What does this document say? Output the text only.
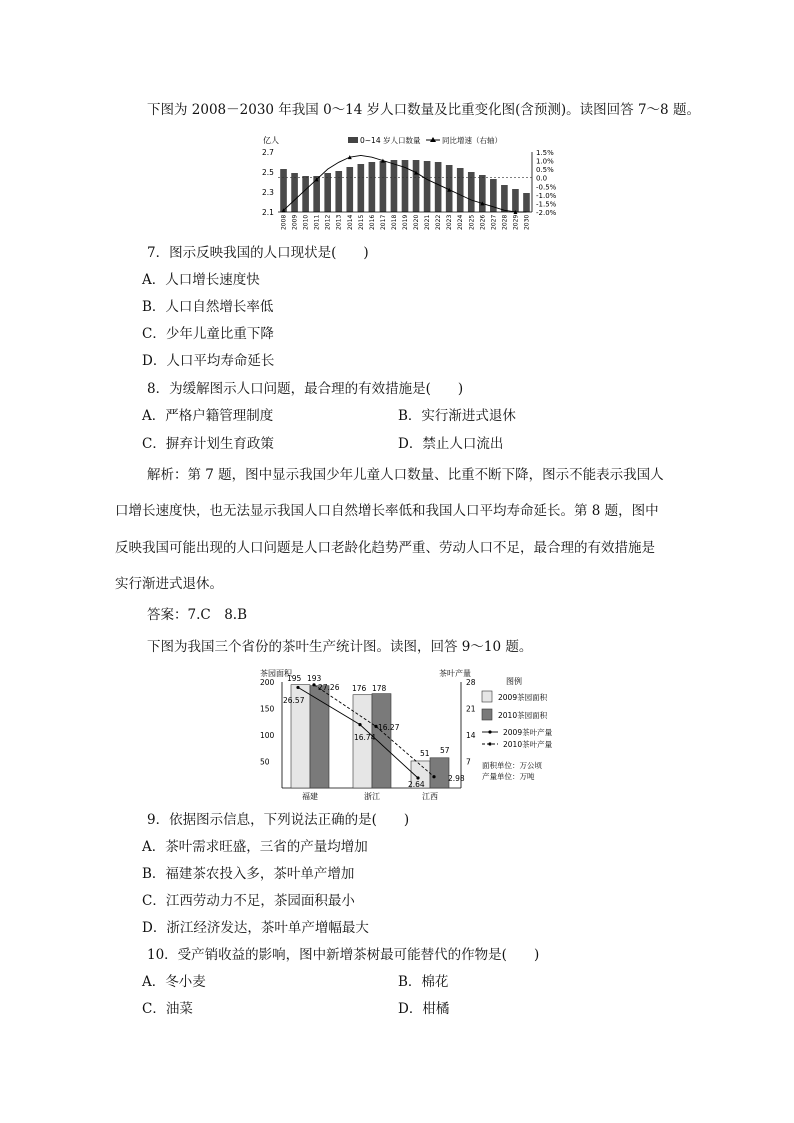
下图为 2008－2030 年我国 0～14 岁人口数量及比重变化图(含预测)。读图回答 7～8 题。
亿人	0~14 岁人口数量	同比增速（右轴）
2.7
2.5
2.3
2.1
1.5%
1.0%
0.5%
0.0
-0.5%
-1.0%
-1.5%
-2.0%
2008 2009 2010 2011 2012 2013 2014 2015 2016 2017 2018 2019 2020 2021 2022 2023 2024 2025 2026 2027 2028 2029 2030
7．图示反映我国的人口现状是(　　)
A．人口增长速度快
B．人口自然增长率低
C．少年儿童比重下降
D．人口平均寿命延长
8．为缓解图示人口问题，最合理的有效措施是(　　)
A．严格户籍管理制度	B．实行渐进式退休
C．摒弃计划生育政策	D．禁止人口流出
解析：第 7 题，图中显示我国少年儿童人口数量、比重不断下降，图示不能表示我国人
口增长速度快，也无法显示我国人口自然增长率低和我国人口平均寿命延长。第 8 题，图中
反映我国可能出现的人口问题是人口老龄化趋势严重、劳动人口不足，最合理的有效措施是
实行渐进式退休。
答案：7.C　8.B
下图为我国三个省份的茶叶生产统计图。读图，回答 9～10 题。
茶园面积	茶叶产量
200
150
100
50
28
21
14
7
195 193
26.57
27.26 176 178
16.74
16.27
51 57
2.64
2.98
福建	浙江	江西
图例
2009茶园面积
2010茶园面积
2009茶叶产量
2010茶叶产量
面积单位：万公顷
产量单位：万吨
9．依据图示信息，下列说法正确的是(　　)
A．茶叶需求旺盛，三省的产量均增加
B．福建茶农投入多，茶叶单产增加
C．江西劳动力不足，茶园面积最小
D．浙江经济发达，茶叶单产增幅最大
10．受产销收益的影响，图中新增茶树最可能替代的作物是(　　)
A．冬小麦	B．棉花
C．油菜	D．柑橘
